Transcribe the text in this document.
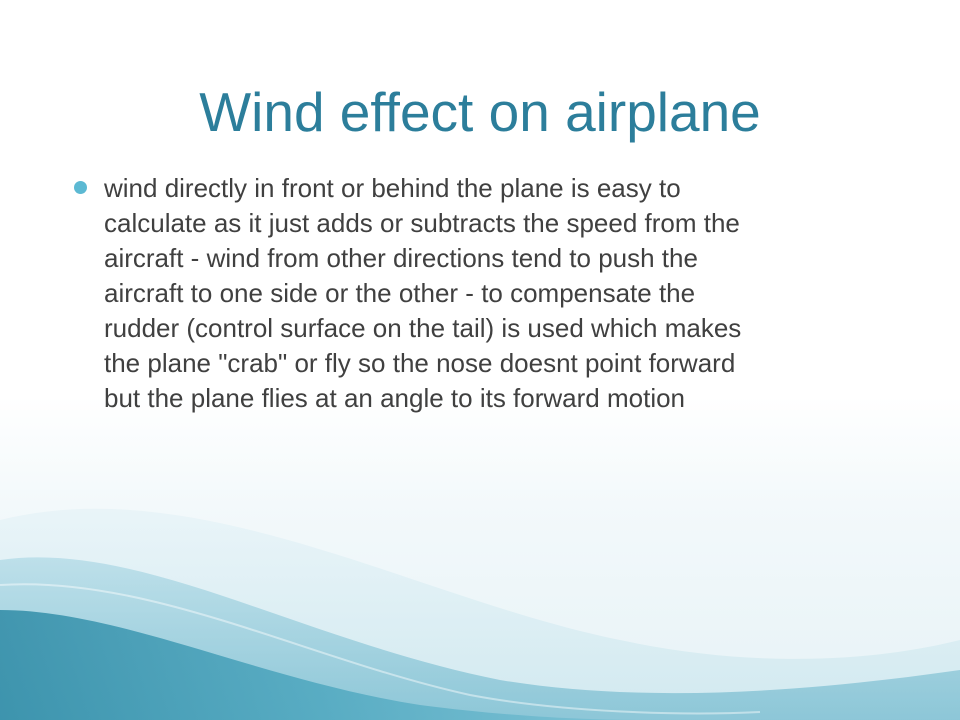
Wind effect on airplane
wind directly in front or behind the plane is easy to
calculate as it just adds or subtracts the speed from the
aircraft - wind from other directions tend to push the
aircraft to one side or the other - to compensate the
rudder (control surface on the tail) is used which makes
the plane "crab" or fly so the nose doesnt point forward
but the plane flies at an angle to its forward motion
